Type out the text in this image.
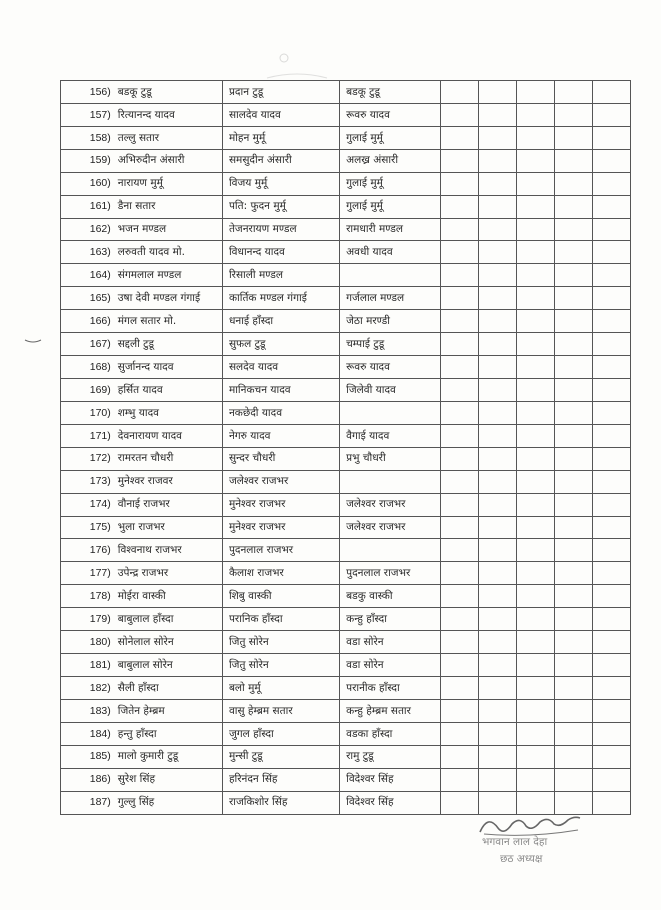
156)	बडकू टुडू	प्रदान टुडू	बडकू टुडू					
157)	रित्यानन्द यादव	सालदेव यादव	रूवरु यादव					
158)	तल्लु सतार	मोहन मुर्मू	गुलाई मुर्मू					
159)	अभिरुदीन अंसारी	समसुदीन अंसारी	अलख्र अंसारी					
160)	नारायण मुर्मू	विजय मुर्मू	गुलाई मुर्मू					
161)	डैना सतार	पति: फुदन मुर्मू	गुलाई मुर्मू					
162)	भजन मण्डल	तेजनरायण मण्डल	रामधारी मण्डल					
163)	लरुवती यादव मो.	विधानन्द यादव	अवधी यादव					
164)	संगमलाल मण्डल	रिसाली मण्डल						
165)	उषा देवी मण्डल गंगाई	कार्तिक मण्डल गंगाई	गर्जलाल मण्डल					
166)	मंगल सतार मो.	धनाई हाँस्दा	जेठा मरण्डी					
167)	सद्दली टुडू	सुफल टुडू	चम्पाई टुडू					
168)	सुर्जानन्द यादव	सलदेव यादव	रूवरु यादव					
169)	हर्सित यादव	मानिकचन यादव	जिलेवी यादव					
170)	शम्भु यादव	नकछेदी यादव						
171)	देवनारायण यादव	नेगरु यादव	वैगाई यादव					
172)	रामरतन चौधरी	सुन्दर चौधरी	प्रभु चौधरी					
173)	मुनेश्वर राजवर	जलेश्वर राजभर						
174)	वौनाई राजभर	मुनेश्वर राजभर	जलेश्वर राजभर					
175)	भुला राजभर	मुनेश्वर राजभर	जलेश्वर राजभर					
176)	विश्वनाथ राजभर	पुदनलाल राजभर						
177)	उपेन्द्र राजभर	कैलाश राजभर	पुदनलाल राजभर					
178)	मोईरा वास्की	शिबु वास्की	बडकु वास्की					
179)	बाबुलाल हाँस्दा	परानिक हाँस्दा	कन्हु हाँस्दा					
180)	सोनेलाल सोरेन	जितु सोरेन	वडा सोरेन					
181)	बाबुलाल सोरेन	जितु सोरेन	वडा सोरेन					
182)	सैली हाँस्दा	बलो मुर्मू	परानीक हाँस्दा					
183)	जितेन हेम्ब्रम	वासु हेम्ब्रम सतार	कन्हु हेम्ब्रम सतार					
184)	हन्तु हाँस्दा	जुगल हाँस्दा	वडका हाँस्दा					
185)	मालो कुमारी टुडू	मुन्सी टुडू	रामु टुडू					
186)	सुरेश सिंह	हरिनंदन सिंह	विदेश्वर सिंह					
187)	गुल्लु सिंह	राजकिशोर सिंह	विदेश्वर सिंह					
भगवान लाल देहा
छठ अध्यक्ष
